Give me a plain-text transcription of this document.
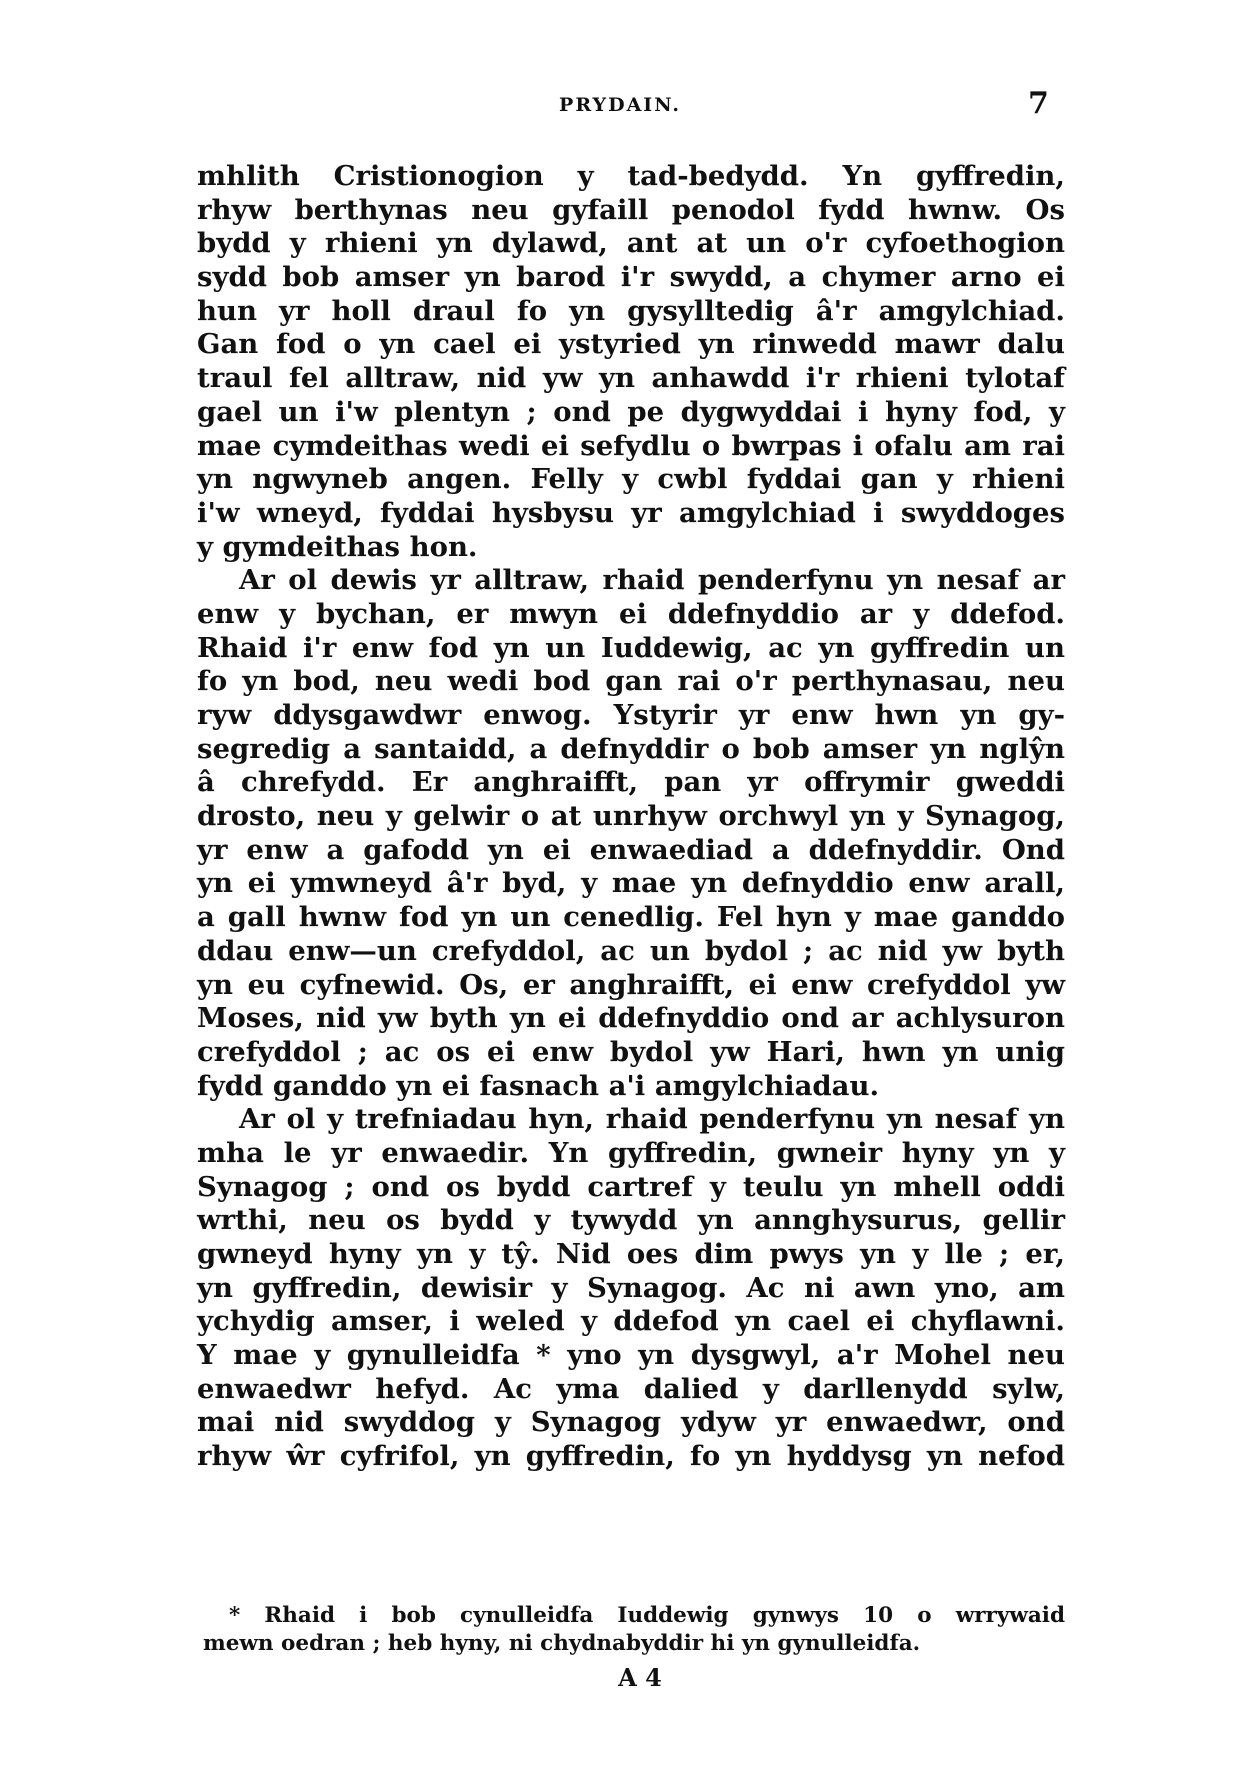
PRYDAIN.	7
mhlith Cristionogion y tad-bedydd. Yn gyffredin,
rhyw berthynas neu gyfaill penodol fydd hwnw. Os
bydd y rhieni yn dylawd, ant at un o'r cyfoethogion
sydd bob amser yn barod i'r swydd, a chymer arno ei
hun yr holl draul fo yn gysylltedig â'r amgylchiad.
Gan fod o yn cael ei ystyried yn rinwedd mawr dalu
traul fel alltraw, nid yw yn anhawdd i'r rhieni tylotaf
gael un i'w plentyn ; ond pe dygwyddai i hyny fod, y
mae cymdeithas wedi ei sefydlu o bwrpas i ofalu am rai
yn ngwyneb angen. Felly y cwbl fyddai gan y rhieni
i'w wneyd, fyddai hysbysu yr amgylchiad i swyddoges
y gymdeithas hon.
Ar ol dewis yr alltraw, rhaid penderfynu yn nesaf ar
enw y bychan, er mwyn ei ddefnyddio ar y ddefod.
Rhaid i'r enw fod yn un Iuddewig, ac yn gyffredin un
fo yn bod, neu wedi bod gan rai o'r perthynasau, neu
ryw ddysgawdwr enwog. Ystyrir yr enw hwn yn gy-
segredig a santaidd, a defnyddir o bob amser yn nglŷn
â chrefydd. Er anghraifft, pan yr offrymir gweddi
drosto, neu y gelwir o at unrhyw orchwyl yn y Synagog,
yr enw a gafodd yn ei enwaediad a ddefnyddir. Ond
yn ei ymwneyd â'r byd, y mae yn defnyddio enw arall,
a gall hwnw fod yn un cenedlig. Fel hyn y mae ganddo
ddau enw—un crefyddol, ac un bydol ; ac nid yw byth
yn eu cyfnewid. Os, er anghraifft, ei enw crefyddol yw
Moses, nid yw byth yn ei ddefnyddio ond ar achlysuron
crefyddol ; ac os ei enw bydol yw Hari, hwn yn unig
fydd ganddo yn ei fasnach a'i amgylchiadau.
Ar ol y trefniadau hyn, rhaid penderfynu yn nesaf yn
mha le yr enwaedir. Yn gyffredin, gwneir hyny yn y
Synagog ; ond os bydd cartref y teulu yn mhell oddi
wrthi, neu os bydd y tywydd yn annghysurus, gellir
gwneyd hyny yn y tŷ. Nid oes dim pwys yn y lle ; er,
yn gyffredin, dewisir y Synagog. Ac ni awn yno, am
ychydig amser, i weled y ddefod yn cael ei chyflawni.
Y mae y gynulleidfa * yno yn dysgwyl, a'r Mohel neu
enwaedwr hefyd. Ac yma dalied y darllenydd sylw,
mai nid swyddog y Synagog ydyw yr enwaedwr, ond
rhyw ŵr cyfrifol, yn gyffredin, fo yn hyddysg yn nefod
* Rhaid i bob cynulleidfa Iuddewig gynwys 10 o wrrywaid
mewn oedran ; heb hyny, ni chydnabyddir hi yn gynulleidfa.
A 4
